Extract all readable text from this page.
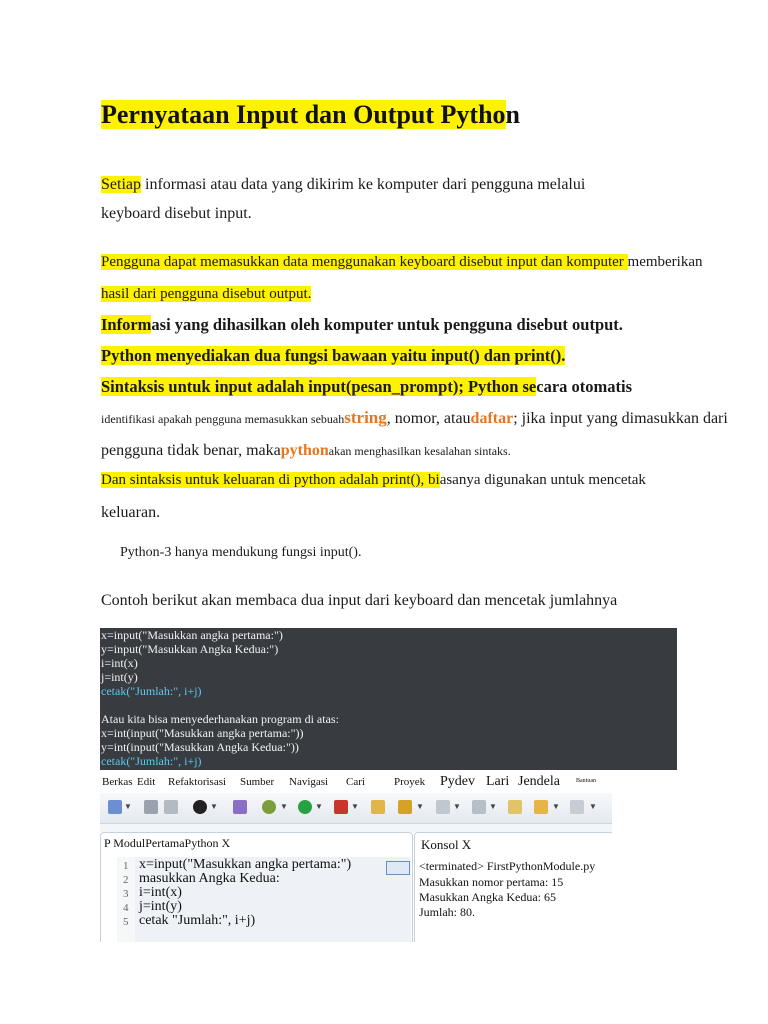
Pernyataan Input dan Output Python
Setiap informasi atau data yang dikirim ke komputer dari pengguna melalui
keyboard disebut input.
Pengguna dapat memasukkan data menggunakan keyboard disebut input dan komputer memberikan
hasil dari pengguna disebut output.
Informasi yang dihasilkan oleh komputer untuk pengguna disebut output.
Python menyediakan dua fungsi bawaan yaitu input() dan print().
Sintaksis untuk input adalah input(pesan_prompt); Python secara otomatis
identifikasi apakah pengguna memasukkan sebuahstring, nomor, ataudaftar; jika input yang dimasukkan dari
pengguna tidak benar, makapythonakan menghasilkan kesalahan sintaks.
Dan sintaksis untuk keluaran di python adalah print(), biasanya digunakan untuk mencetak
keluaran.
Python-3 hanya mendukung fungsi input().
Contoh berikut akan membaca dua input dari keyboard dan mencetak jumlahnya
x=input("Masukkan angka pertama:")
y=input("Masukkan Angka Kedua:")
i=int(x)
j=int(y)
cetak("Jumlah:", i+j)
Atau kita bisa menyederhanakan program di atas:
x=int(input("Masukkan angka pertama:"))
y=int(input("Masukkan Angka Kedua:"))
cetak("Jumlah:", i+j)
Berkas Edit Refaktorisasi Sumber Navigasi Cari	Proyek Pydev Lari Jendela	Bantuan
▼	▼	▼	▼	▼	▼	▼	▼	▼	▼
P ModulPertamaPython X
1
2
3
4
5
x=input("Masukkan angka pertama:")
masukkan Angka Kedua:
i=int(x)
j=int(y)
cetak "Jumlah:", i+j)
Konsol X
<terminated> FirstPythonModule.py
Masukkan nomor pertama: 15
Masukkan Angka Kedua: 65
Jumlah: 80.
